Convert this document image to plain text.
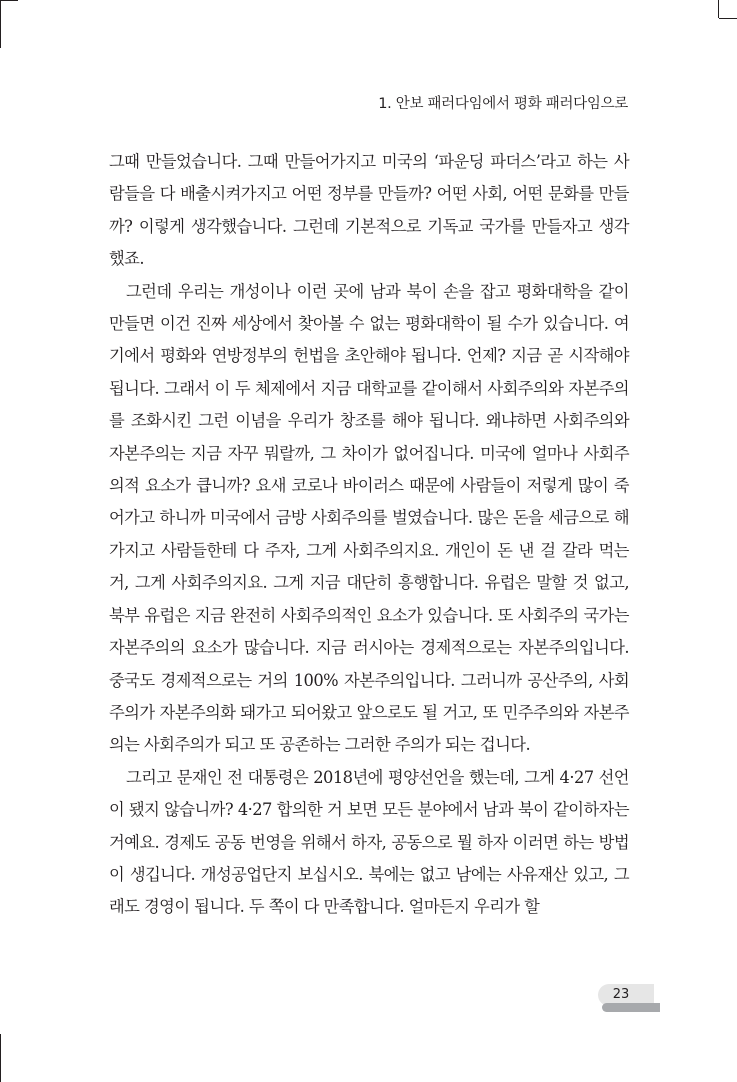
1. 안보 패러다임에서 평화 패러다임으로

그때 만들었습니다. 그때 만들어가지고 미국의 ‘파운딩 파더스’라고 하는 사람들을 다 배출시켜가지고 어떤 정부를 만들까? 어떤 사회, 어떤 문화를 만들까? 이렇게 생각했습니다. 그런데 기본적으로 기독교 국가를 만들자고 생각했죠.

그런데 우리는 개성이나 이런 곳에 남과 북이 손을 잡고 평화대학을 같이 만들면 이건 진짜 세상에서 찾아볼 수 없는 평화대학이 될 수가 있습니다. 여기에서 평화와 연방정부의 헌법을 초안해야 됩니다. 언제? 지금 곧 시작해야 됩니다. 그래서 이 두 체제에서 지금 대학교를 같이해서 사회주의와 자본주의를 조화시킨 그런 이념을 우리가 창조를 해야 됩니다. 왜냐하면 사회주의와 자본주의는 지금 자꾸 뭐랄까, 그 차이가 없어집니다. 미국에 얼마나 사회주의적 요소가 큽니까? 요새 코로나 바이러스 때문에 사람들이 저렇게 많이 죽어가고 하니까 미국에서 금방 사회주의를 벌였습니다. 많은 돈을 세금으로 해가지고 사람들한테 다 주자, 그게 사회주의지요. 개인이 돈 낸 걸 갈라 먹는 거, 그게 사회주의지요. 그게 지금 대단히 흥행합니다. 유럽은 말할 것 없고, 북부 유럽은 지금 완전히 사회주의적인 요소가 있습니다. 또 사회주의 국가는 자본주의의 요소가 많습니다. 지금 러시아는 경제적으로는 자본주의입니다. 중국도 경제적으로는 거의 100% 자본주의입니다. 그러니까 공산주의, 사회주의가 자본주의화 돼가고 되어왔고 앞으로도 될 거고, 또 민주주의와 자본주의는 사회주의가 되고 또 공존하는 그러한 주의가 되는 겁니다.

그리고 문재인 전 대통령은 2018년에 평양선언을 했는데, 그게 4·27 선언이 됐지 않습니까? 4·27 합의한 거 보면 모든 분야에서 남과 북이 같이하자는 거예요. 경제도 공동 번영을 위해서 하자, 공동으로 뭘 하자 이러면 하는 방법이 생깁니다. 개성공업단지 보십시오. 북에는 없고 남에는 사유재산 있고, 그래도 경영이 됩니다. 두 쪽이 다 만족합니다. 얼마든지 우리가 할

23
